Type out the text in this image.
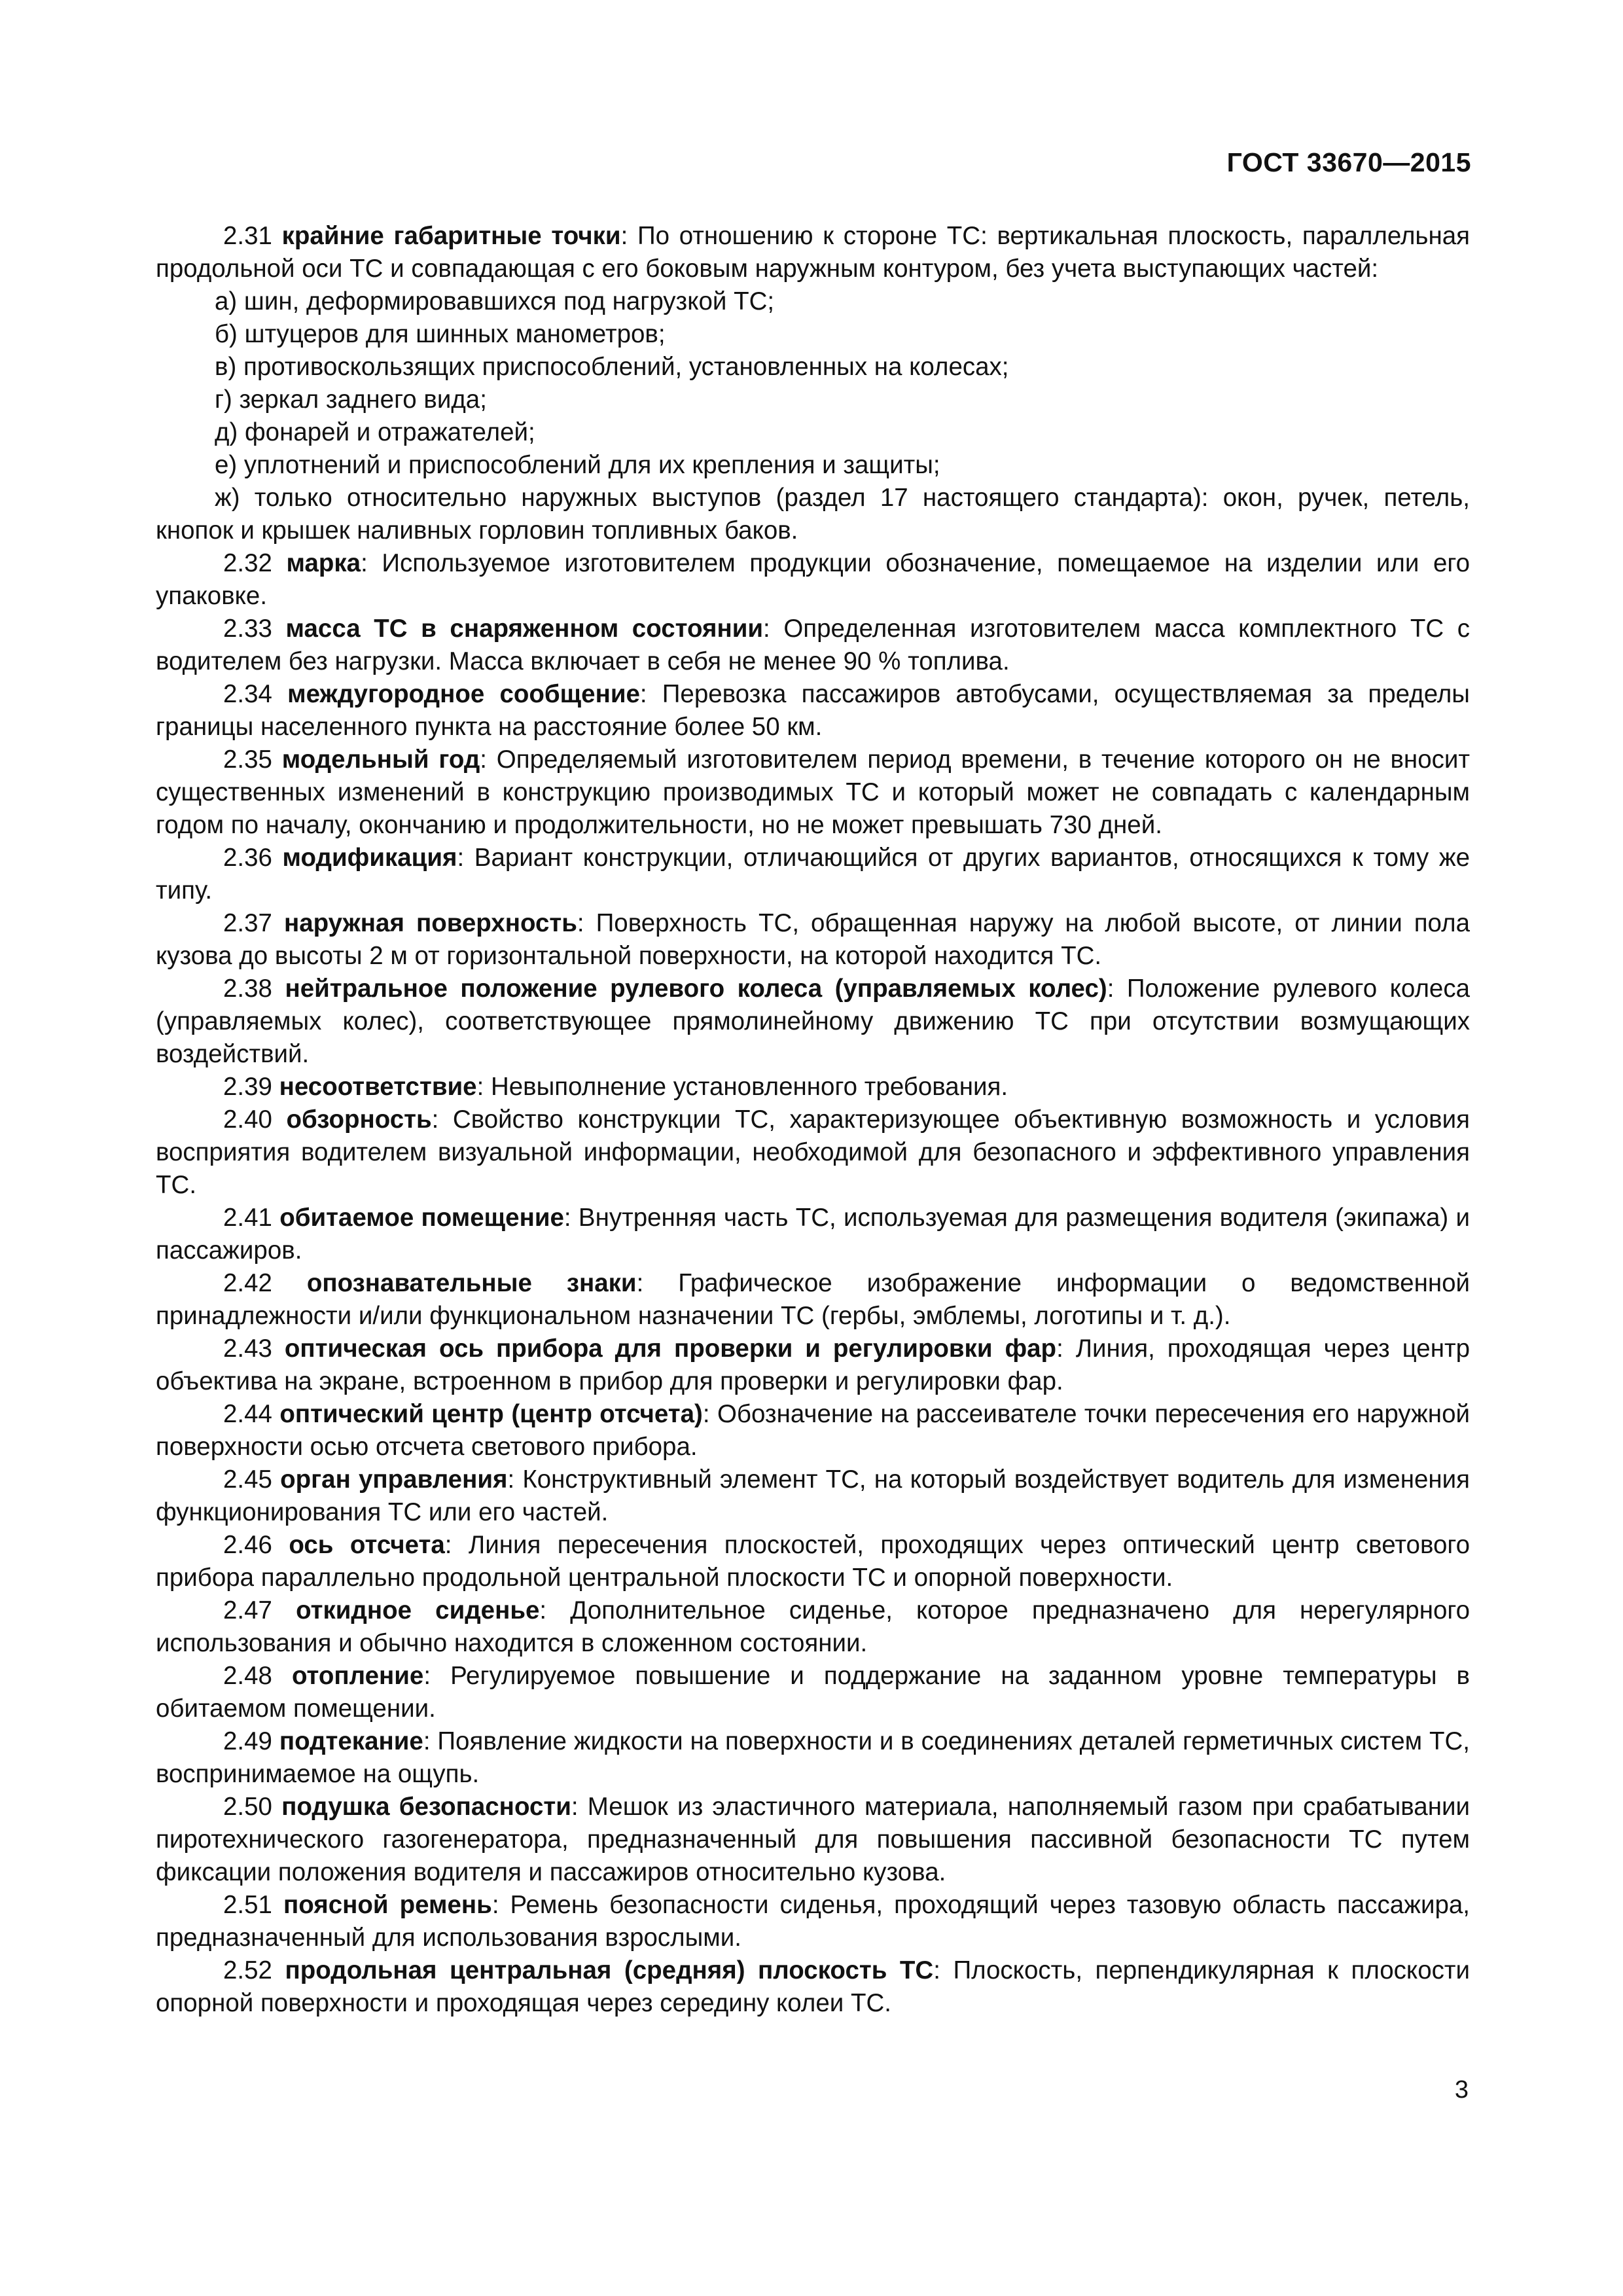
ГОСТ 33670—2015

2.31 крайние габаритные точки: По отношению к стороне ТС: вертикальная плоскость, параллельная продольной оси ТС и совпадающая с его боковым наружным контуром, без учета выступающих частей:

а) шин, деформировавшихся под нагрузкой ТС;

б) штуцеров для шинных манометров;

в) противоскользящих приспособлений, установленных на колесах;

г) зеркал заднего вида;

д) фонарей и отражателей;

е) уплотнений и приспособлений для их крепления и защиты;

ж) только относительно наружных выступов (раздел 17 настоящего стандарта): окон, ручек, петель, кнопок и крышек наливных горловин топливных баков.

2.32 марка: Используемое изготовителем продукции обозначение, помещаемое на изделии или его упаковке.

2.33 масса ТС в снаряженном состоянии: Определенная изготовителем масса комплектного ТС с водителем без нагрузки. Масса включает в себя не менее 90 % топлива.

2.34 междугородное сообщение: Перевозка пассажиров автобусами, осуществляемая за пределы границы населенного пункта на расстояние более 50 км.

2.35 модельный год: Определяемый изготовителем период времени, в течение которого он не вносит существенных изменений в конструкцию производимых ТС и который может не совпадать с календарным годом по началу, окончанию и продолжительности, но не может превышать 730 дней.

2.36 модификация: Вариант конструкции, отличающийся от других вариантов, относящихся к тому же типу.

2.37 наружная поверхность: Поверхность ТС, обращенная наружу на любой высоте, от линии пола кузова до высоты 2 м от горизонтальной поверхности, на которой находится ТС.

2.38 нейтральное положение рулевого колеса (управляемых колес): Положение рулевого колеса (управляемых колес), соответствующее прямолинейному движению ТС при отсутствии возмущающих воздействий.

2.39 несоответствие: Невыполнение установленного требования.

2.40 обзорность: Свойство конструкции ТС, характеризующее объективную возможность и условия восприятия водителем визуальной информации, необходимой для безопасного и эффективного управления ТС.

2.41 обитаемое помещение: Внутренняя часть ТС, используемая для размещения водителя (экипажа) и пассажиров.

2.42 опознавательные знаки: Графическое изображение информации о ведомственной принадлежности и/или функциональном назначении ТС (гербы, эмблемы, логотипы и т. д.).

2.43 оптическая ось прибора для проверки и регулировки фар: Линия, проходящая через центр объектива на экране, встроенном в прибор для проверки и регулировки фар.

2.44 оптический центр (центр отсчета): Обозначение на рассеивателе точки пересечения его наружной поверхности осью отсчета светового прибора.

2.45 орган управления: Конструктивный элемент ТС, на который воздействует водитель для изменения функционирования ТС или его частей.

2.46 ось отсчета: Линия пересечения плоскостей, проходящих через оптический центр светового прибора параллельно продольной центральной плоскости ТС и опорной поверхности.

2.47 откидное сиденье: Дополнительное сиденье, которое предназначено для нерегулярного использования и обычно находится в сложенном состоянии.

2.48 отопление: Регулируемое повышение и поддержание на заданном уровне температуры в обитаемом помещении.

2.49 подтекание: Появление жидкости на поверхности и в соединениях деталей герметичных систем ТС, воспринимаемое на ощупь.

2.50 подушка безопасности: Мешок из эластичного материала, наполняемый газом при срабатывании пиротехнического газогенератора, предназначенный для повышения пассивной безопасности ТС путем фиксации положения водителя и пассажиров относительно кузова.

2.51 поясной ремень: Ремень безопасности сиденья, проходящий через тазовую область пассажира, предназначенный для использования взрослыми.

2.52 продольная центральная (средняя) плоскость ТС: Плоскость, перпендикулярная к плоскости опорной поверхности и проходящая через середину колеи ТС.

3
